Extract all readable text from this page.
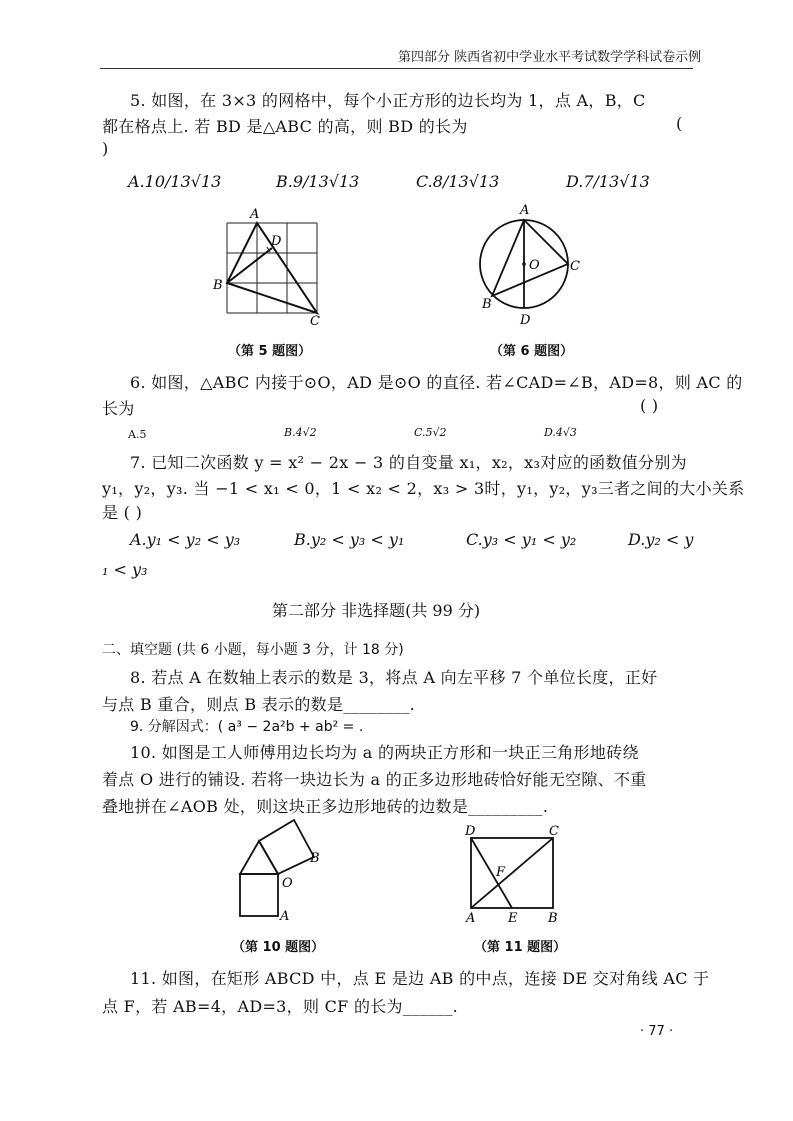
第四部分 陕西省初中学业水平考试数学学科试卷示例
5. 如图，在 3×3 的网格中，每个小正方形的边长均为 1，点 A，B，C
都在格点上. 若 BD 是△ABC 的高，则 BD 的长为	(
)
A.10/13√13	B.9/13√13	C.8/13√13	D.7/13√13
A
B
C
D
A
B
C
D
O
（第 5 题图）	（第 6 题图）
6. 如图，△ABC 内接于⊙O，AD 是⊙O 的直径. 若∠CAD=∠B，AD=8，则 AC 的
长为	( )
A.5	B.4√2	C.5√2	D.4√3
7. 已知二次函数 y = x² − 2x − 3 的自变量 x₁，x₂，x₃对应的函数值分别为
y₁，y₂，y₃. 当 −1 < x₁ < 0，1 < x₂ < 2，x₃ > 3时，y₁，y₂，y₃三者之间的大小关系
是 ( )
A.y₁ < y₂ < y₃	B.y₂ < y₃ < y₁	C.y₃ < y₁ < y₂	D.y₂ < y
₁ < y₃
第二部分 非选择题(共 99 分)
二、填空题 (共 6 小题，每小题 3 分，计 18 分)
8. 若点 A 在数轴上表示的数是 3，将点 A 向左平移 7 个单位长度，正好
与点 B 重合，则点 B 表示的数是________.
9. 分解因式：( a³ − 2a²b + ab² = .
10. 如图是工人师傅用边长均为 a 的两块正方形和一块正三角形地砖绕
着点 O 进行的铺设. 若将一块边长为 a 的正多边形地砖恰好能无空隙、不重
叠地拼在∠AOB 处，则这块正多边形地砖的边数是_________.
B
O
A
D	C
F
A	E B
（第 10 题图）	（第 11 题图）
11. 如图，在矩形 ABCD 中，点 E 是边 AB 的中点，连接 DE 交对角线 AC 于
点 F，若 AB=4，AD=3，则 CF 的长为______.
· 77 ·
